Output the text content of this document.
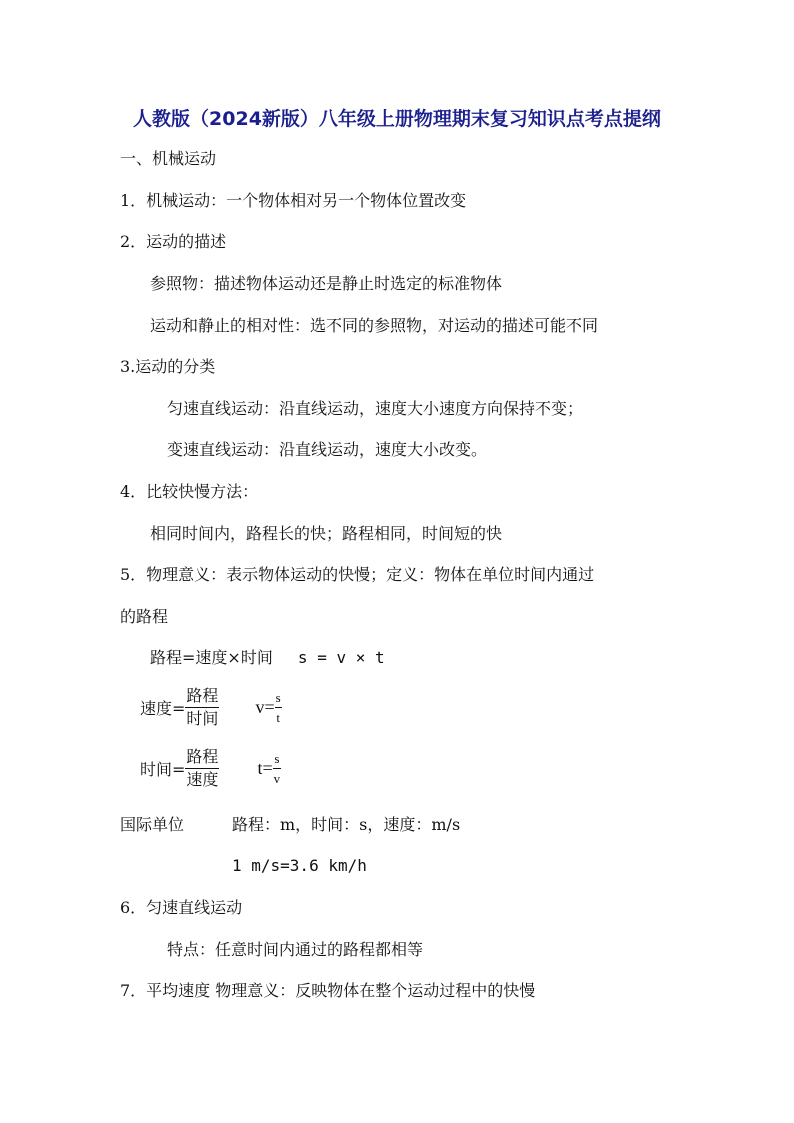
人教版（2024新版）八年级上册物理期末复习知识点考点提纲
一、机械运动
1．机械运动：一个物体相对另一个物体位置改变
2．运动的描述
参照物：描述物体运动还是静止时选定的标准物体
运动和静止的相对性：选不同的参照物，对运动的描述可能不同
3.运动的分类
匀速直线运动：沿直线运动，速度大小速度方向保持不变；
变速直线运动：沿直线运动，速度大小改变。
4．比较快慢方法：
相同时间内，路程长的快；路程相同，时间短的快
5．物理意义：表示物体运动的快慢；定义：物体在单位时间内通过
的路程
路程=速度×时间 s = v × t
速度= $\frac{\text{路程}}{\text{时间}} v= \frac{s}{t}$
时间= $\frac{\text{路程}}{\text{速度}} t= \frac{s}{v}$
国际单位	路程：m，时间：s，速度：m/s
1 m/s=3.6 km/h
6．匀速直线运动
特点：任意时间内通过的路程都相等
7．平均速度 物理意义：反映物体在整个运动过程中的快慢
